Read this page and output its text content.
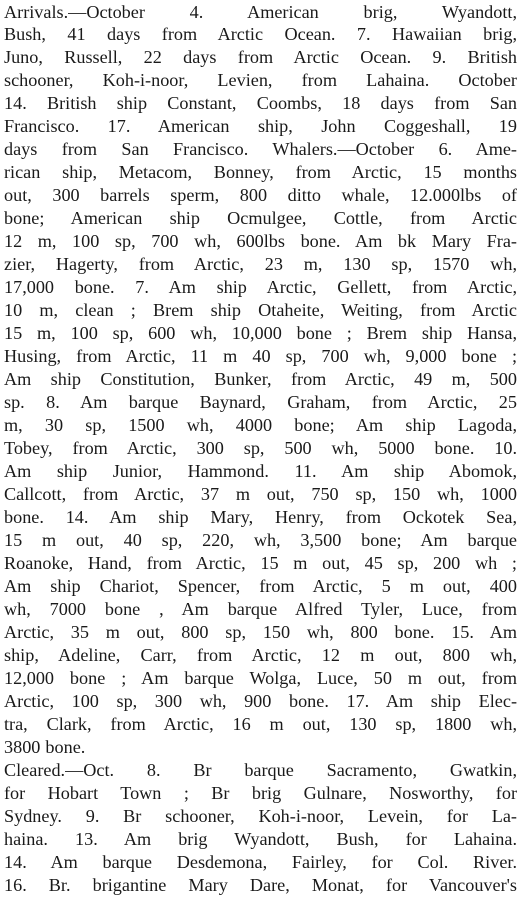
Arrivals.—October 4. American brig, Wyandott,
Bush, 41 days from Arctic Ocean. 7. Hawaiian brig,
Juno, Russell, 22 days from Arctic Ocean. 9. British
schooner, Koh-i-noor, Levien, from Lahaina. October
14. British ship Constant, Coombs, 18 days from San
Francisco. 17. American ship, John Coggeshall, 19
days from San Francisco. Whalers.—October 6. Ame-
rican ship, Metacom, Bonney, from Arctic, 15 months
out, 300 barrels sperm, 800 ditto whale, 12.000lbs of
bone; American ship Ocmulgee, Cottle, from Arctic
12 m, 100 sp, 700 wh, 600lbs bone. Am bk Mary Fra-
zier, Hagerty, from Arctic, 23 m, 130 sp, 1570 wh,
17,000 bone. 7. Am ship Arctic, Gellett, from Arctic,
10 m, clean ; Brem ship Otaheite, Weiting, from Arctic
15 m, 100 sp, 600 wh, 10,000 bone ; Brem ship Hansa,
Husing, from Arctic, 11 m 40 sp, 700 wh, 9,000 bone ;
Am ship Constitution, Bunker, from Arctic, 49 m, 500
sp. 8. Am barque Baynard, Graham, from Arctic, 25
m, 30 sp, 1500 wh, 4000 bone; Am ship Lagoda,
Tobey, from Arctic, 300 sp, 500 wh, 5000 bone. 10.
Am ship Junior, Hammond. 11. Am ship Abomok,
Callcott, from Arctic, 37 m out, 750 sp, 150 wh, 1000
bone. 14. Am ship Mary, Henry, from Ockotek Sea,
15 m out, 40 sp, 220, wh, 3,500 bone; Am barque
Roanoke, Hand, from Arctic, 15 m out, 45 sp, 200 wh ;
Am ship Chariot, Spencer, from Arctic, 5 m out, 400
wh, 7000 bone , Am barque Alfred Tyler, Luce, from
Arctic, 35 m out, 800 sp, 150 wh, 800 bone. 15. Am
ship, Adeline, Carr, from Arctic, 12 m out, 800 wh,
12,000 bone ; Am barque Wolga, Luce, 50 m out, from
Arctic, 100 sp, 300 wh, 900 bone. 17. Am ship Elec-
tra, Clark, from Arctic, 16 m out, 130 sp, 1800 wh,
3800 bone.
Cleared.—Oct. 8. Br barque Sacramento, Gwatkin,
for Hobart Town ; Br brig Gulnare, Nosworthy, for
Sydney. 9. Br schooner, Koh-i-noor, Levein, for La-
haina. 13. Am brig Wyandott, Bush, for Lahaina.
14. Am barque Desdemona, Fairley, for Col. River.
16. Br. brigantine Mary Dare, Monat, for Vancouver's
